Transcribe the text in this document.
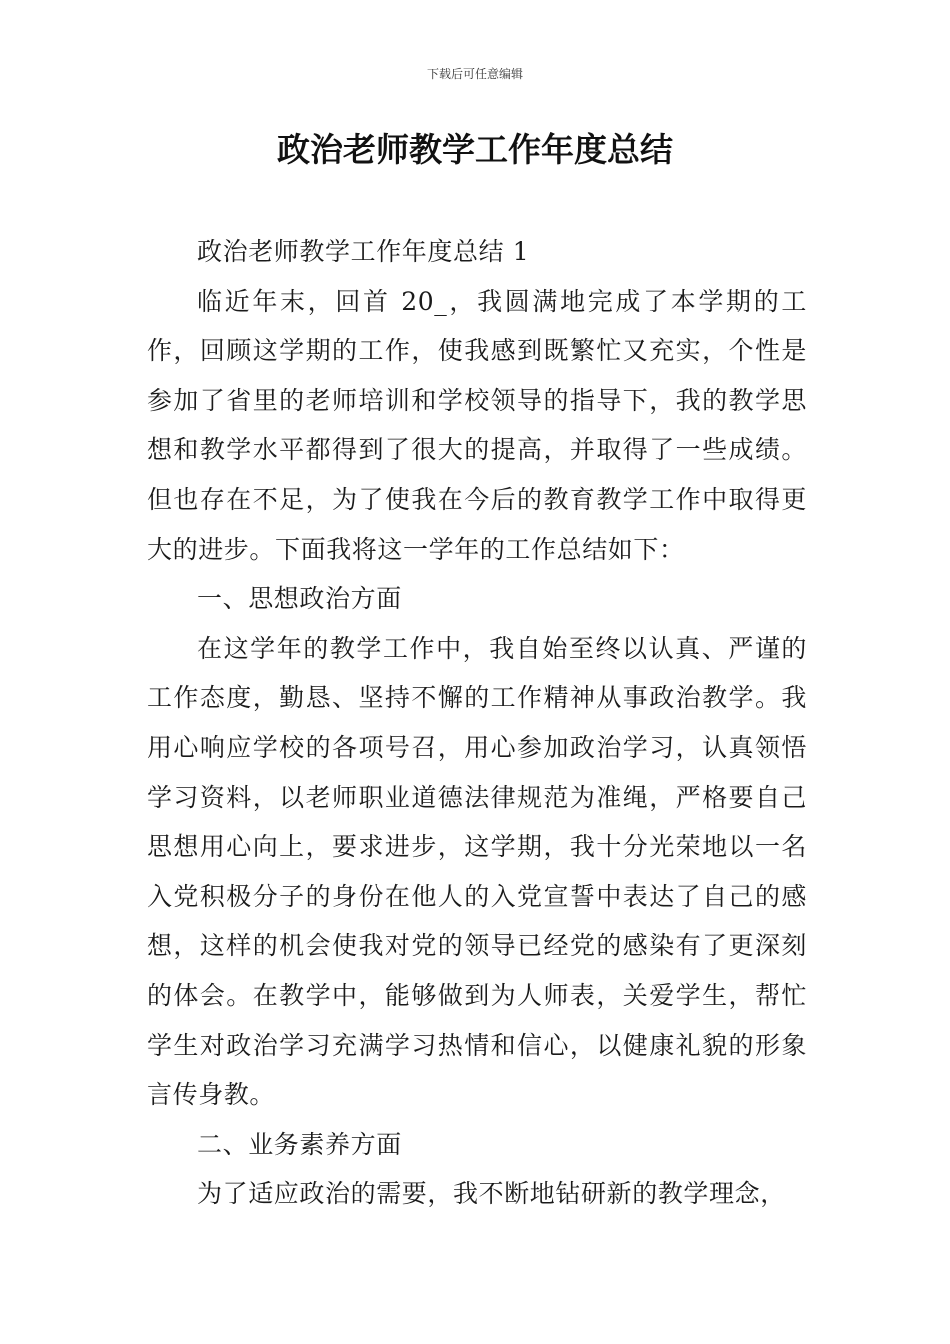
下载后可任意编辑
政治老师教学工作年度总结

政治老师教学工作年度总结 1

临近年末，回首 20_，我圆满地完成了本学期的工作，回顾这学期的工作，使我感到既繁忙又充实，个性是参加了省里的老师培训和学校领导的指导下，我的教学思想和教学水平都得到了很大的提高，并取得了一些成绩。但也存在不足，为了使我在今后的教育教学工作中取得更大的进步。下面我将这一学年的工作总结如下：

一、思想政治方面

在这学年的教学工作中，我自始至终以认真、严谨的工作态度，勤恳、坚持不懈的工作精神从事政治教学。我用心响应学校的各项号召，用心参加政治学习，认真领悟学习资料，以老师职业道德法律规范为准绳，严格要自己思想用心向上，要求进步，这学期，我十分光荣地以一名入党积极分子的身份在他人的入党宣誓中表达了自己的感想，这样的机会使我对党的领导已经党的感染有了更深刻的体会。在教学中，能够做到为人师表，关爱学生，帮忙学生对政治学习充满学习热情和信心，以健康礼貌的形象言传身教。

二、业务素养方面

为了适应政治的需要，我不断地钻研新的教学理念，
